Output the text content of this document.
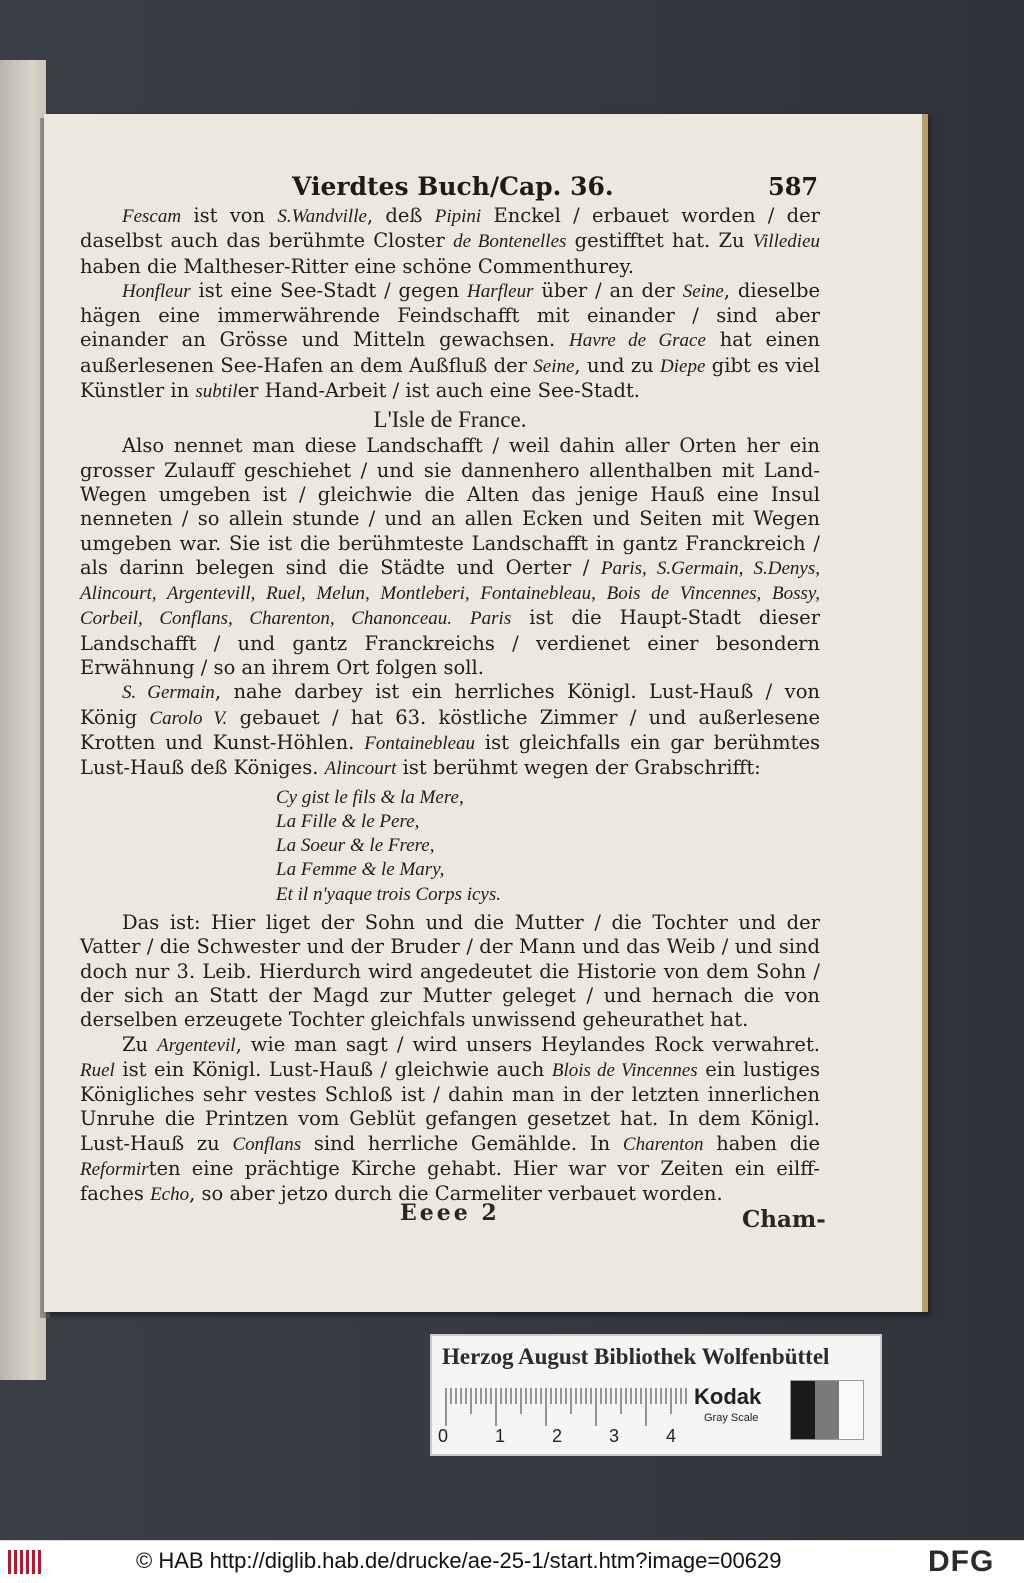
Vierdtes Buch/Cap. 36.	587

Fescam ist von S.Wandville, deß Pipini Enckel / erbauet worden / der daselbst auch das berühmte Closter de Bontenelles gestifftet hat. Zu Villedieu haben die Maltheser-Ritter eine schöne Commenthurey.

Honfleur ist eine See-Stadt / gegen Harfleur über / an der Seine, dieselbe hägen eine immerwährende Feindschafft mit einander / sind aber einander an Grösse und Mitteln gewachsen. Havre de Grace hat einen außerlesenen See-Hafen an dem Außfluß der Seine, und zu Diepe gibt es viel Künstler in subtiler Hand-Arbeit / ist auch eine See-Stadt.

L'Isle de France.

Also nennet man diese Landschafft / weil dahin aller Orten her ein grosser Zulauff geschiehet / und sie dannenhero allenthalben mit Land-Wegen umgeben ist / gleichwie die Alten das jenige Hauß eine Insul nenneten / so allein stunde / und an allen Ecken und Seiten mit Wegen umgeben war. Sie ist die berühmteste Landschafft in gantz Franckreich / als darinn belegen sind die Städte und Oerter / Paris, S.Germain, S.Denys, Alincourt, Argentevill, Ruel, Melun, Montleberi, Fontainebleau, Bois de Vincennes, Bossy, Corbeil, Conflans, Charenton, Chanonceau. Paris ist die Haupt-Stadt dieser Landschafft / und gantz Franckreichs / verdienet einer besondern Erwähnung / so an ihrem Ort folgen soll.

S. Germain, nahe darbey ist ein herrliches Königl. Lust-Hauß / von König Carolo V. gebauet / hat 63. köstliche Zimmer / und außerlesene Krotten und Kunst-Höhlen. Fontainebleau ist gleichfalls ein gar berühmtes Lust-Hauß deß Königes. Alincourt ist berühmt wegen der Grabschrifft:

Cy gist le fils & la Mere,
La Fille & le Pere,
La Soeur & le Frere,
La Femme & le Mary,
Et il n'yaque trois Corps icys.

Das ist: Hier liget der Sohn und die Mutter / die Tochter und der Vatter / die Schwester und der Bruder / der Mann und das Weib / und sind doch nur 3. Leib. Hierdurch wird angedeutet die Historie von dem Sohn / der sich an Statt der Magd zur Mutter geleget / und hernach die von derselben erzeugete Tochter gleichfals unwissend geheurathet hat.

Zu Argentevil, wie man sagt / wird unsers Heylandes Rock verwahret. Ruel ist ein Königl. Lust-Hauß / gleichwie auch Blois de Vincennes ein lustiges Königliches sehr vestes Schloß ist / dahin man in der letzten innerlichen Unruhe die Printzen vom Geblüt gefangen gesetzet hat. In dem Königl. Lust-Hauß zu Conflans sind herrliche Gemählde. In Charenton haben die Reformirten eine prächtige Kirche gehabt. Hier war vor Zeiten ein eilff-faches Echo, so aber jetzo durch die Carmeliter verbauet worden.

Eeee 2	Cham-
Herzog August Bibliothek Wolfenbüttel
0	1	2	3	4
Kodak
Gray Scale
© HAB http://diglib.hab.de/drucke/ae-25-1/start.htm?image=00629	DFG
